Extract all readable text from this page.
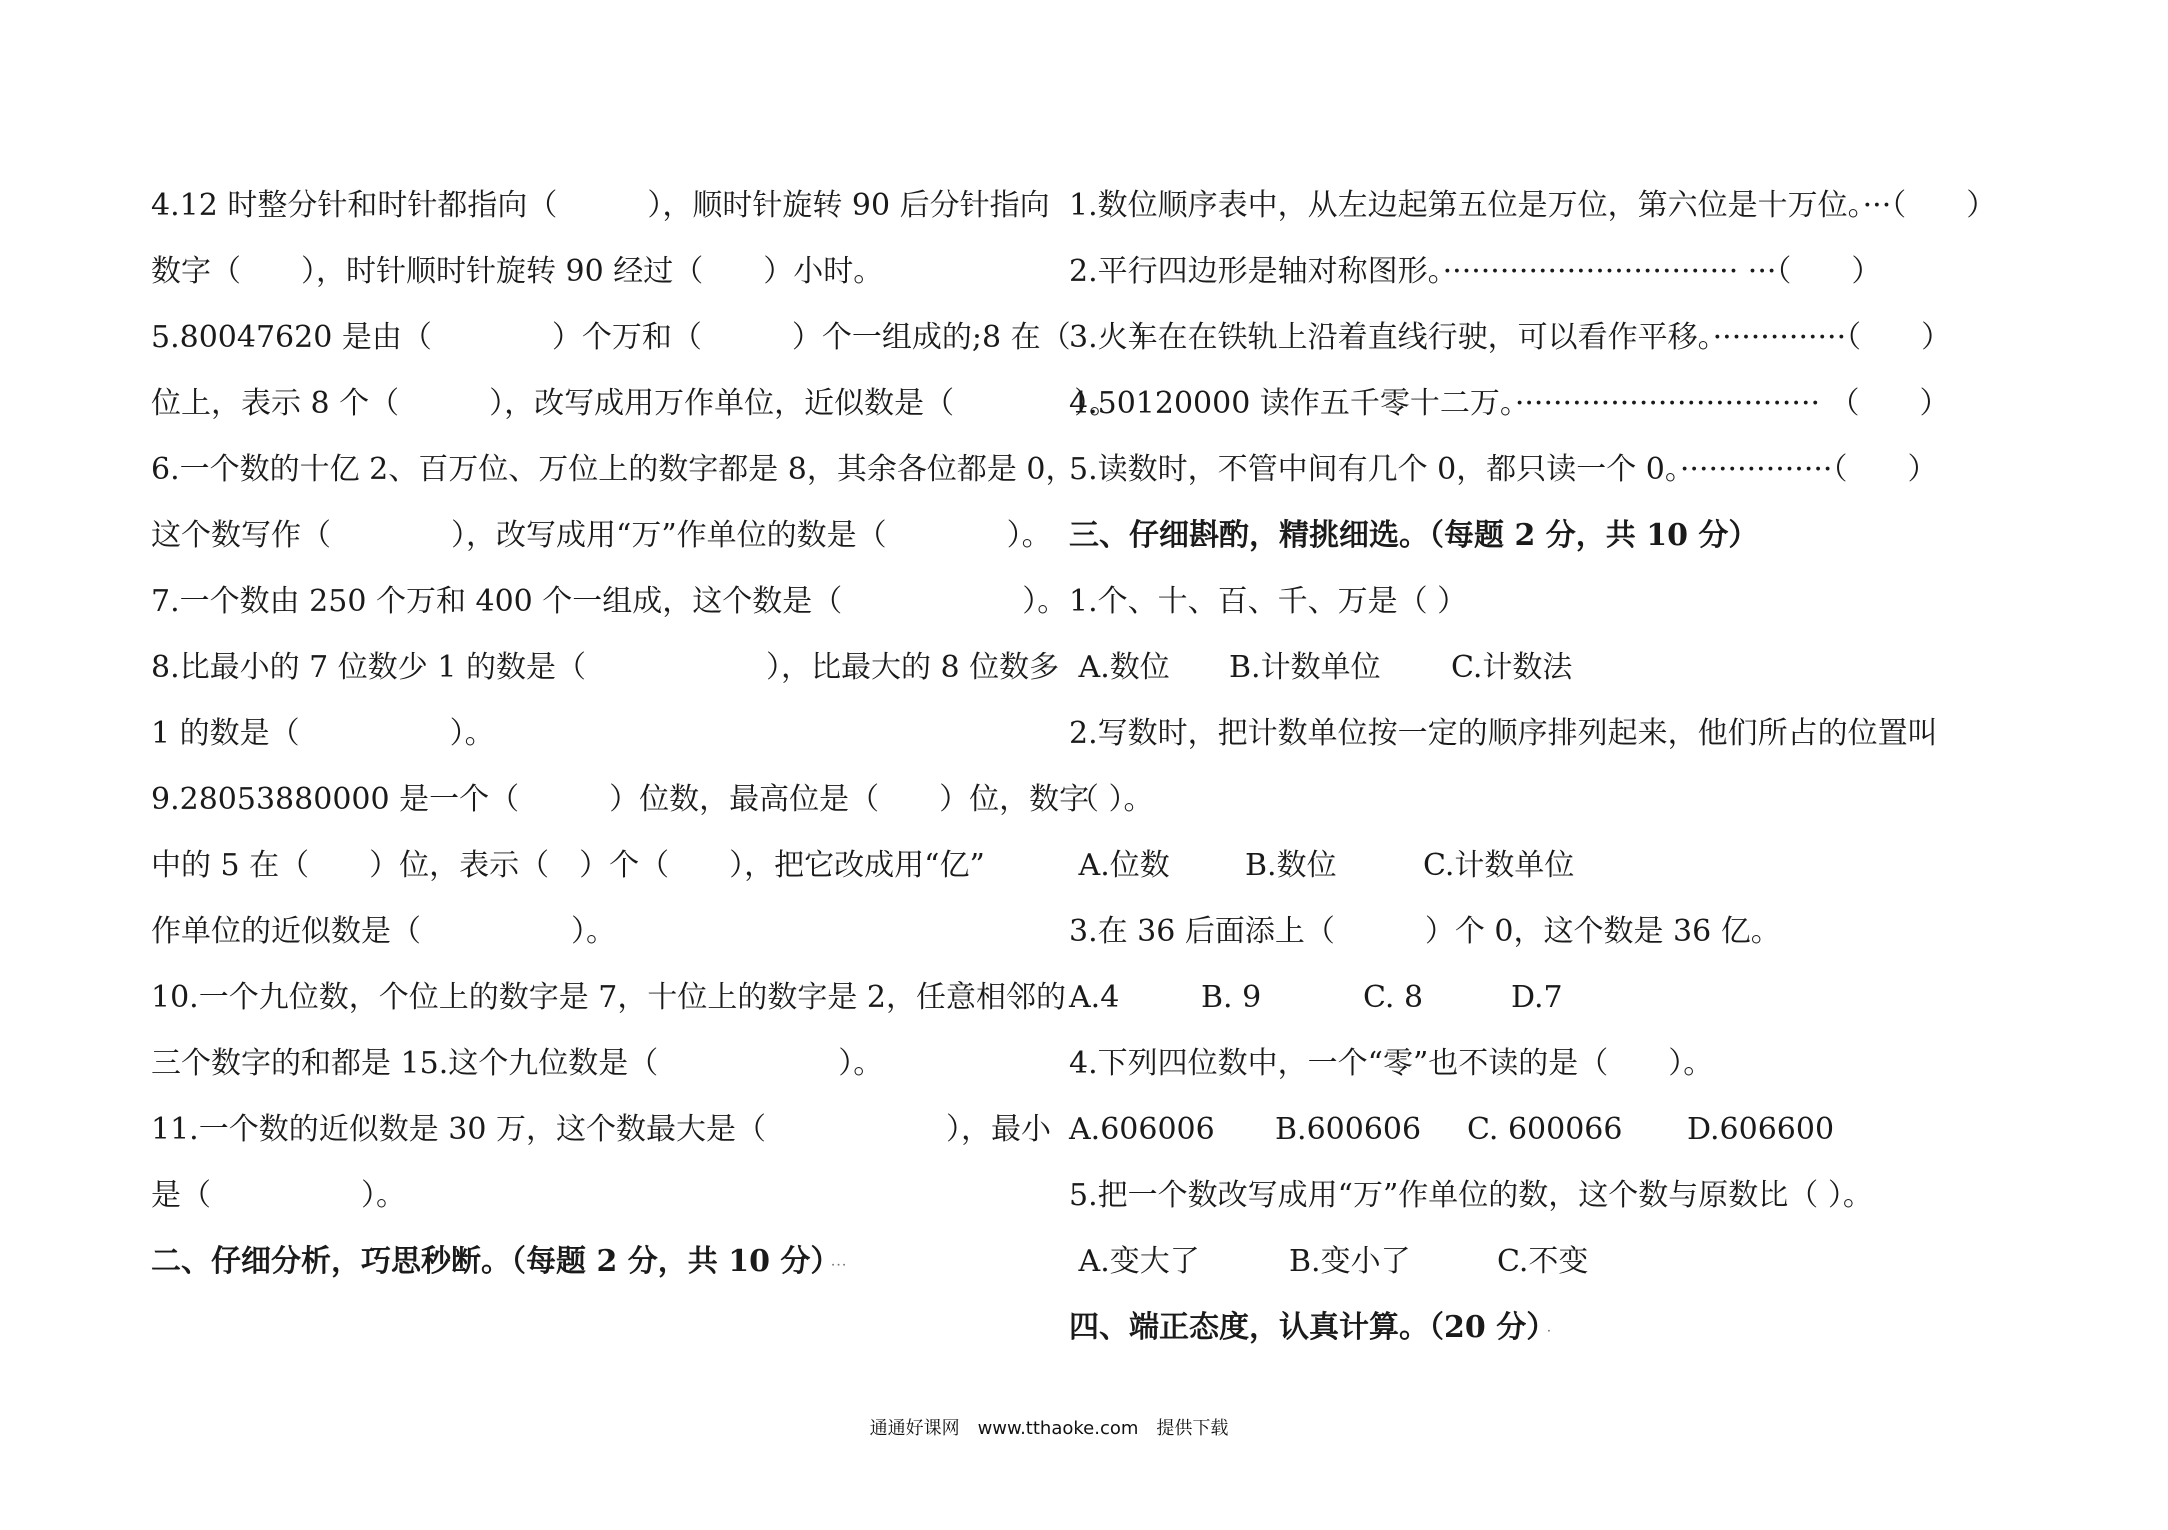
4.12 时整分针和时针都指向（　　　），顺时针旋转 90 后分针指向
数字（　　），时针顺时针旋转 90 经过（　　）小时。
5.80047620 是由（　　　　）个万和（　　　）个一组成的;8 在（　　）
位上，表示 8 个（　　　），改写成用万作单位，近似数是（　　　　）。
6.一个数的十亿 2、百万位、万位上的数字都是 8，其余各位都是 0，
这个数写作（　　　　），改写成用“万”作单位的数是（　　　　）。
7.一个数由 250 个万和 400 个一组成，这个数是（　　　　　　）。
8.比最小的 7 位数少 1 的数是（　　　　　　），比最大的 8 位数多
1 的数是（　　　　　）。
9.28053880000 是一个（　　　）位数，最高位是（　　）位，数字
中的 5 在（　　）位，表示（　）个（　　），把它改成用“亿”
作单位的近似数是（　　　　　）。
10.一个九位数，个位上的数字是 7，十位上的数字是 2，任意相邻的
三个数字的和都是 15.这个九位数是（　　　　　　）。
11.一个数的近似数是 30 万，这个数最大是（　　　　　　），最小
是（　　　　　）。
二、仔细分析，巧思秒断。（每题 2 分，共 10 分） ．．．
1.数位顺序表中，从左边起第五位是万位，第六位是十万位。···（　　）
2.平行四边形是轴对称图形。······························· ···（　　）
3.火车在在铁轨上沿着直线行驶，可以看作平移。··············（　　）
4.50120000 读作五千零十二万。································ （　　）
5.读数时，不管中间有几个 0，都只读一个 0。················（　　）
三、仔细斟酌，精挑细选。（每题 2 分，共 10 分）
1.个、十、百、千、万是（ ）
A.数位	B.计数单位	C.计数法
2.写数时，把计数单位按一定的顺序排列起来，他们所占的位置叫
（ ）。
A.位数	B.数位	C.计数单位
3.在 36 后面添上（　　　）个 0，这个数是 36 亿。
A.4	B. 9	C. 8	D.7
4.下列四位数中，一个“零”也不读的是（　　）。
A.606006	B.600606	C. 600066	D.606600
5.把一个数改写成用“万”作单位的数，这个数与原数比（ ）。
A.变大了	B.变小了	C.不变
四、端正态度，认真计算。（20 分） ．
通通好课网　www.tthaoke.com　提供下载
